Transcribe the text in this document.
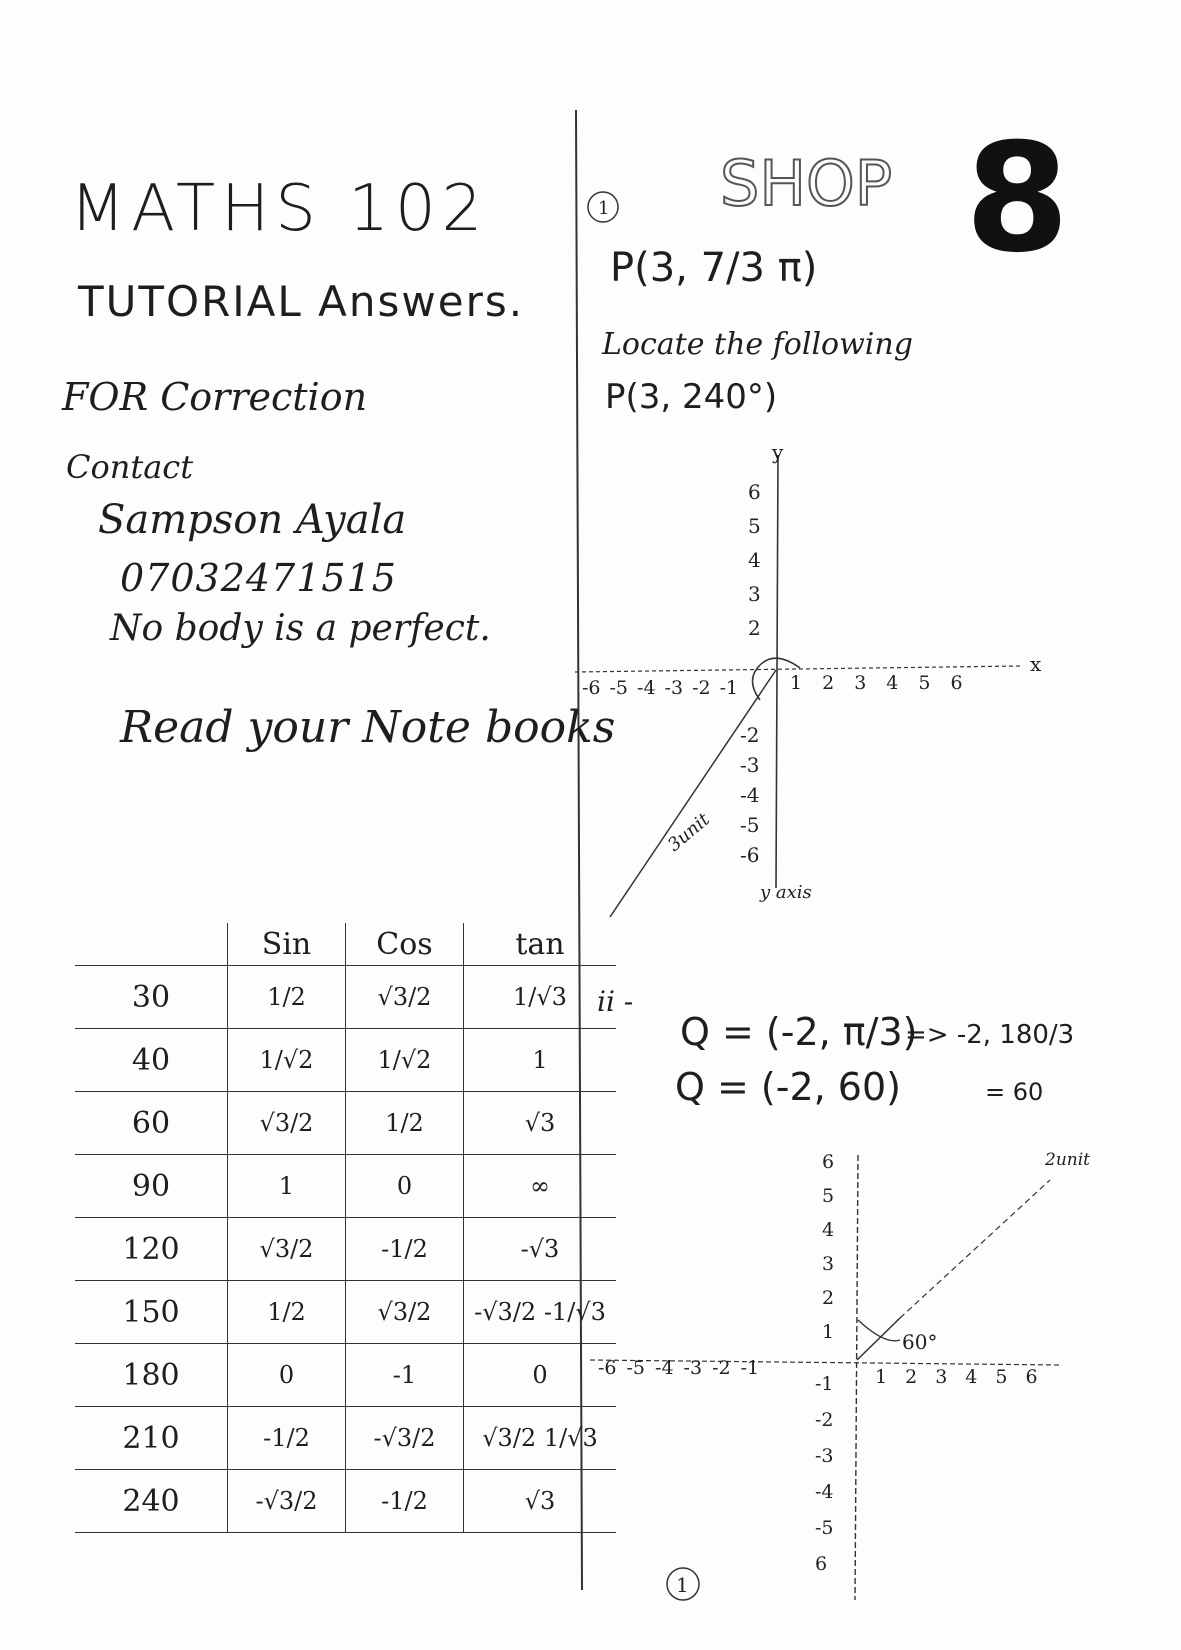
SHOP 8
1
1
MATHS 102
TUTORIAL Answers.
FOR Correction
Contact
Sampson Ayala
07032471515
No body is a perfect.
Read your Note books
P(3, 7/3 π)
Locate the following
P(3, 240°)
y
x
6
5
4
3
2
-2
-3
-4
-5
-6
-6 -5 -4 -3 -2 -1	1 2 3 4 5 6
3unit
y axis
ii -
Q = (-2, π/3)
=> -2, 180/3
Q = (-2, 60)	= 60
6
5
4
3
2
1
-1
-2
-3
-4
-5
6
-6 -5 -4 -3 -2 -1	1 2 3 4 5 6
60°
2unit
	Sin	Cos	tan
30	1/2	√3/2	1/√3
40	1/√2	1/√2	1
60	√3/2	1/2	√3
90	1	0	∞
120	√3/2	-1/2	-√3
150	1/2	√3/2	-√3/2 -1/√3
180	0	-1	0
210	-1/2	-√3/2	√3/2 1/√3
240	-√3/2	-1/2	√3
